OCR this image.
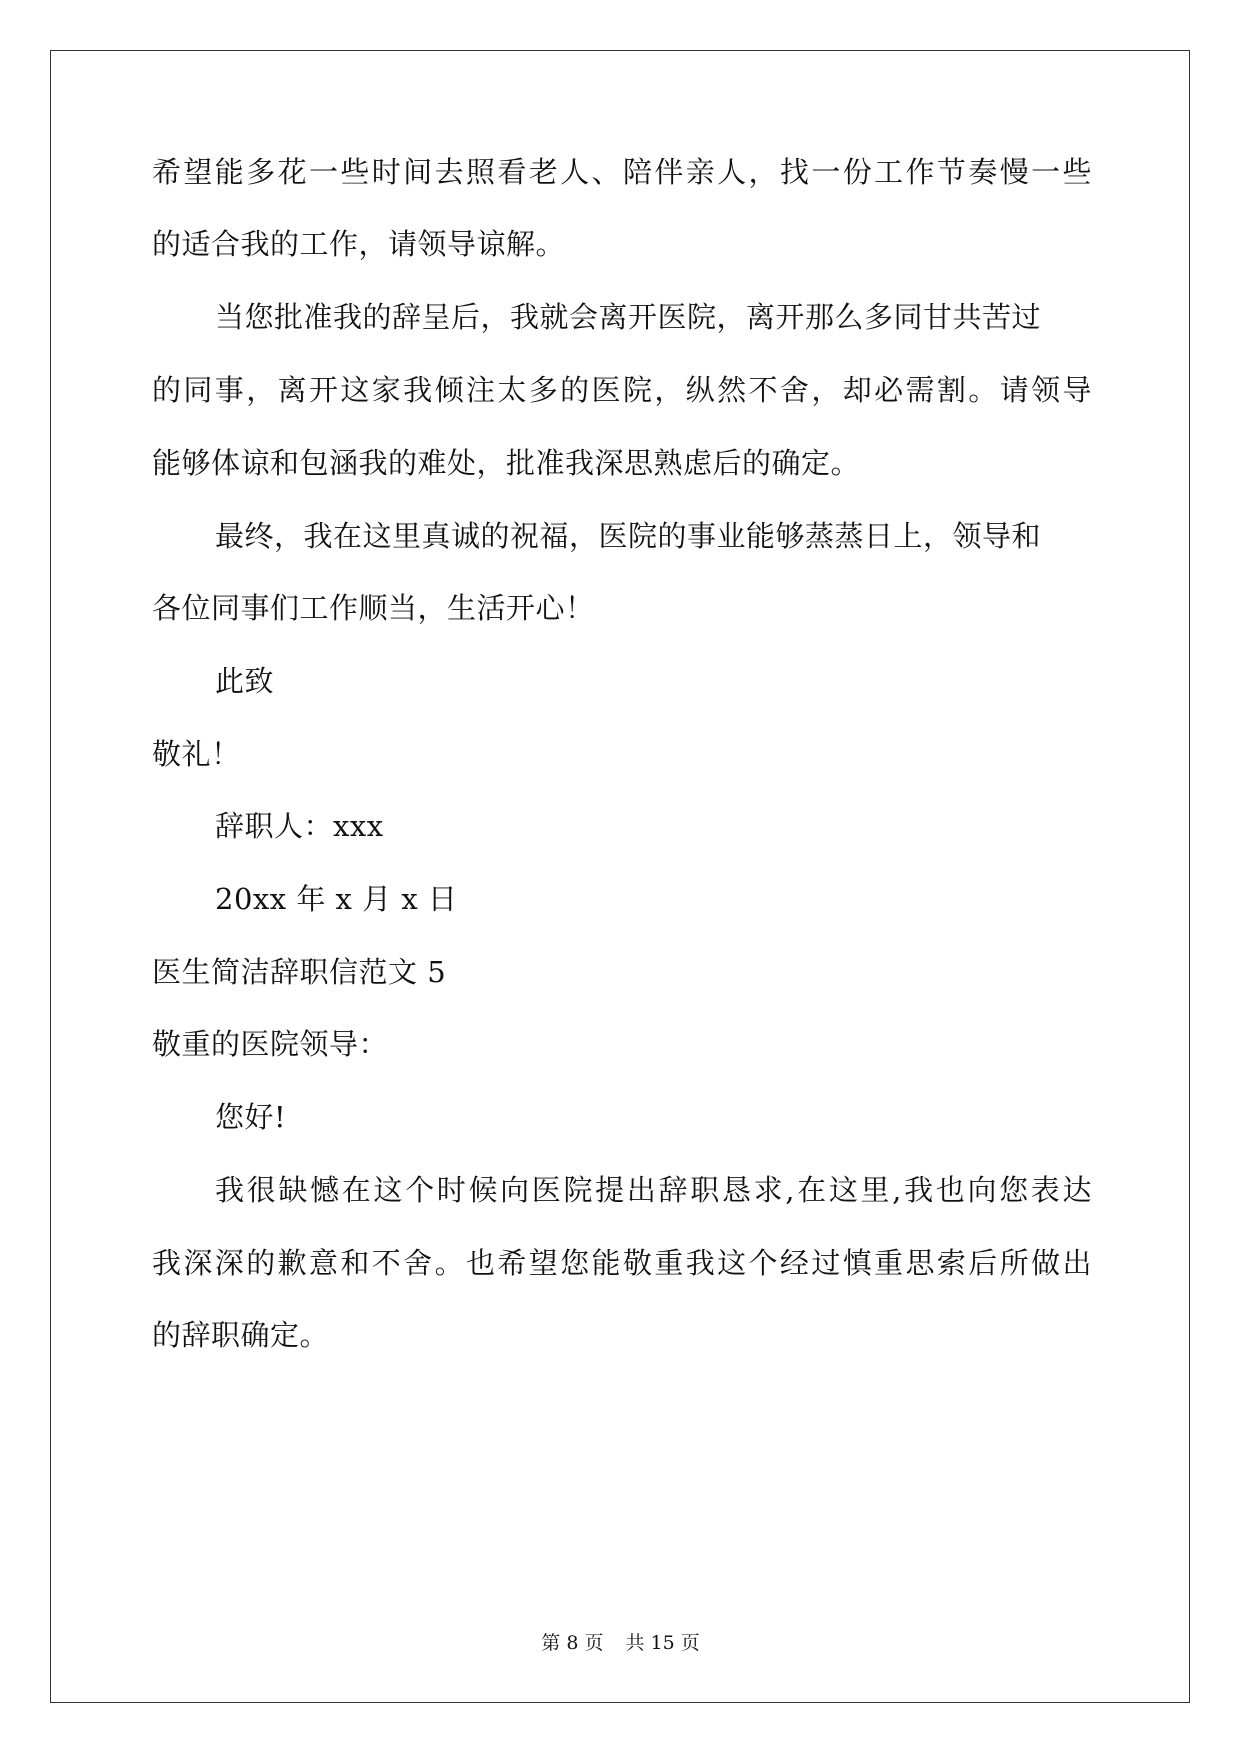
希望能多花一些时间去照看老人、陪伴亲人，找一份工作节奏慢一些
的适合我的工作，请领导谅解。
当您批准我的辞呈后，我就会离开医院，离开那么多同甘共苦过
的同事，离开这家我倾注太多的医院，纵然不舍，却必需割。请领导
能够体谅和包涵我的难处，批准我深思熟虑后的确定。
最终，我在这里真诚的祝福，医院的事业能够蒸蒸日上，领导和
各位同事们工作顺当，生活开心！
此致
敬礼！
辞职人：xxx
20xx 年 x 月 x 日
医生简洁辞职信范文 5
敬重的医院领导：
您好!
我很缺憾在这个时候向医院提出辞职恳求,在这里,我也向您表达
我深深的歉意和不舍。也希望您能敬重我这个经过慎重思索后所做出
的辞职确定。
第 8 页 共 15 页
